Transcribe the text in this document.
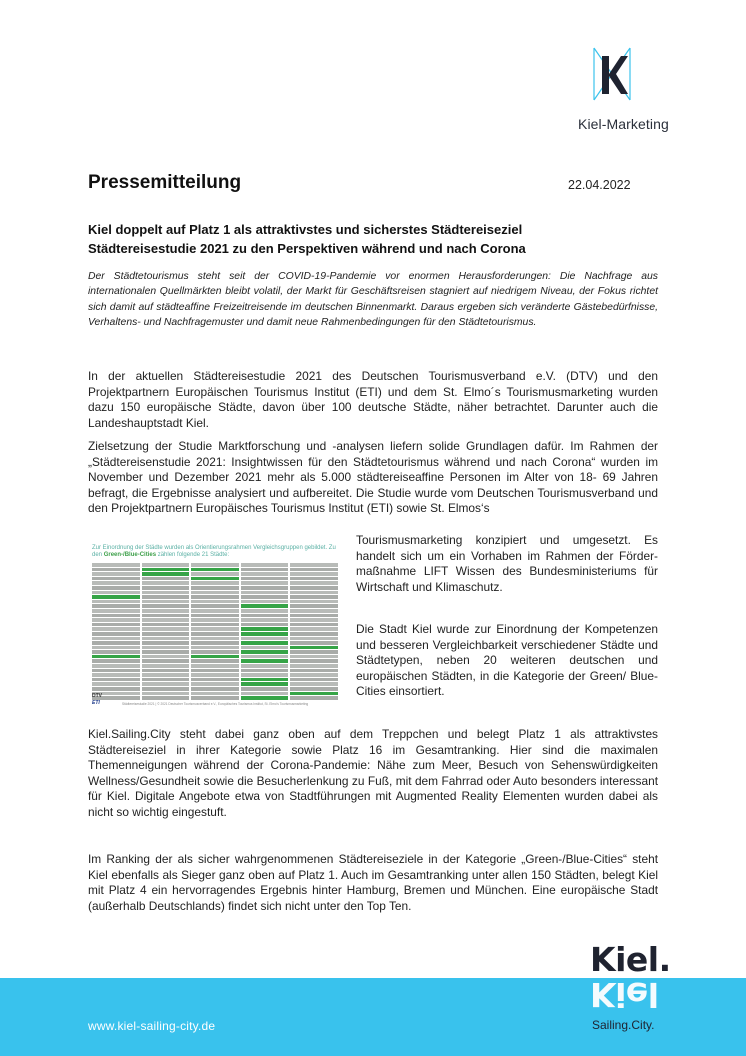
Kiel-Marketing
Pressemitteilung	22.04.2022
Kiel doppelt auf Platz 1 als attraktivstes und sicherstes Städtereiseziel
Städtereisestudie 2021 zu den Perspektiven während und nach Corona
Der Städtetourismus steht seit der COVID-19-Pandemie vor enormen Herausforderungen: Die Nachfrage aus internationalen Quellmärkten bleibt volatil, der Markt für Geschäftsreisen stagniert auf niedrigem Niveau, der Fokus richtet sich damit auf städteaffine Freizeitreisende im deutschen Binnenmarkt. Daraus ergeben sich veränderte Gästebedürfnisse, Verhaltens- und Nachfragemuster und damit neue Rahmenbedingungen für den Städtetourismus.
In der aktuellen Städtereisestudie 2021 des Deutschen Tourismusverband e.V. (DTV) und den Projektpartnern Europäischen Tourismus Institut (ETI) und dem St. Elmo´s Tourismusmarketing wurden dazu 150 europäische Städte, davon über 100 deutsche Städte, näher betrachtet. Darunter auch die Landeshauptstadt Kiel.
Zielsetzung der Studie Marktforschung und -analysen liefern solide Grundlagen dafür. Im Rahmen der „Städtereisenstudie 2021: Insightwissen für den Städtetourismus während und nach Corona“ wurden im November und Dezember 2021 mehr als 5.000 städtereiseaffine Personen im Alter von 18- 69 Jahren befragt, die Ergebnisse analysiert und aufbereitet. Die Studie wurde vom Deutschen Tourismusverband und den Projektpartnern Europäisches Tourismus Institut (ETI) sowie St. Elmos‘s
Zur Einordnung der Städte wurden als Orientierungsrahmen Vergleichsgruppen gebildet. Zu den Green-/Blue-Cities zählen folgende 21 Städte:
DTV
ETI	Städtereisestudie 2021 | © 2021 Deutscher Tourismusverband e.V., Europäisches Tourismus Institut, St. Elmo's Tourismusmarketing
Tourismusmarketing konzipiert und umgesetzt. Es handelt sich um ein Vorhaben im Rahmen der Förder-maßnahme LIFT Wissen des Bundesministeriums für Wirtschaft und Klimaschutz.
Die Stadt Kiel wurde zur Einordnung der Kompetenzen und besseren Vergleichbarkeit verschiedener Städte und Städtetypen, neben 20 weiteren deutschen und europäischen Städten, in die Kategorie der Green/ Blue-Cities einsortiert.
Kiel.Sailing.City steht dabei ganz oben auf dem Treppchen und belegt Platz 1 als attraktivstes Städtereiseziel in ihrer Kategorie sowie Platz 16 im Gesamtranking. Hier sind die maximalen Themenneigungen während der Corona-Pandemie: Nähe zum Meer, Besuch von Sehenswürdigkeiten Wellness/Gesundheit sowie die Besucherlenkung zu Fuß, mit dem Fahrrad oder Auto besonders interessant für Kiel. Digitale Angebote etwa von Stadtführungen mit Augmented Reality Elementen wurden dabei als nicht so wichtig eingestuft.
Im Ranking der als sicher wahrgenommenen Städtereiseziele in der Kategorie „Green-/Blue-Cities“ steht Kiel ebenfalls als Sieger ganz oben auf Platz 1. Auch im Gesamtranking unter allen 150 Städten, belegt Kiel mit Platz 4 ein hervorragendes Ergebnis hinter Hamburg, Bremen und München. Eine europäische Stadt (außerhalb Deutschlands) findet sich nicht unter den Top Ten.
www.kiel-sailing-city.de
Kiel.
Kiel
Sailing.City.
